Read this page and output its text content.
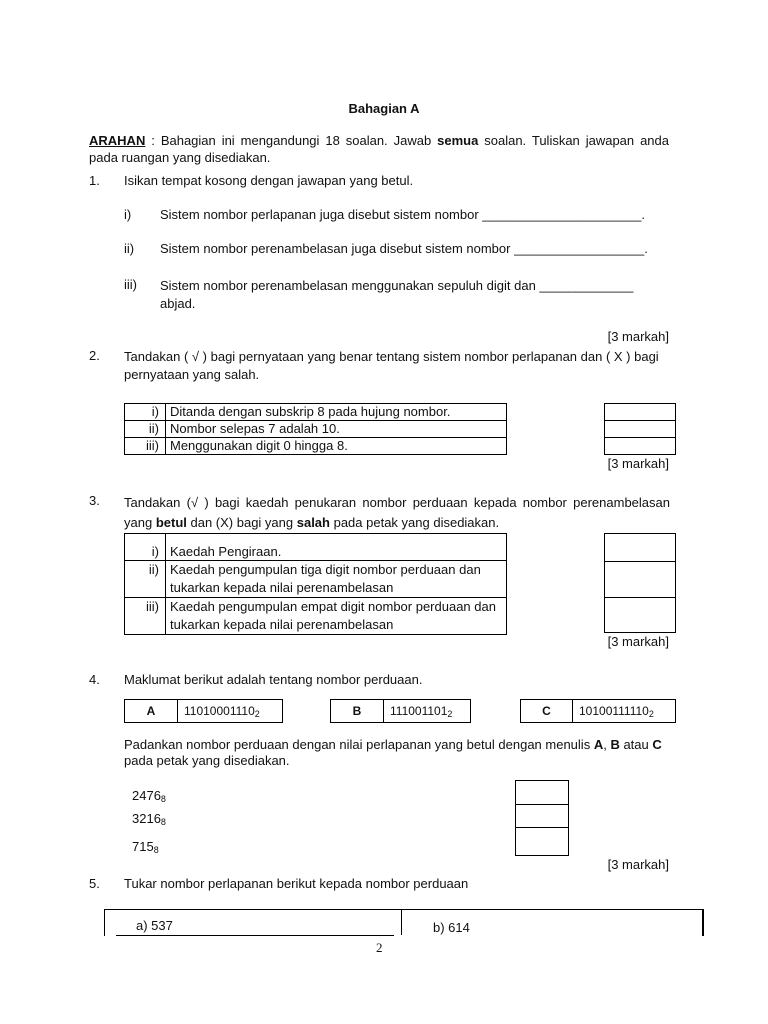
Bahagian A
ARAHAN : Bahagian ini mengandungi 18 soalan. Jawab semua soalan. Tuliskan jawapan anda pada ruangan yang disediakan.
1. Isikan tempat kosong dengan jawapan yang betul.
i) Sistem nombor perlapanan juga disebut sistem nombor ______________________.
ii) Sistem nombor perenambelasan juga disebut sistem nombor __________________.
iii) Sistem nombor perenambelasan menggunakan sepuluh digit dan _____________ abjad.
[3 markah]
2. Tandakan ( √ ) bagi pernyataan yang benar tentang sistem nombor perlapanan dan ( X ) bagi pernyataan yang salah.
i)	Ditanda dengan subskrip 8 pada hujung nombor.
ii)	Nombor selepas 7 adalah 10.
iii)	Menggunakan digit 0 hingga 8.
[3 markah]
3. Tandakan (√ ) bagi kaedah penukaran nombor perduaan kepada nombor perenambelasan yang betul dan (X) bagi yang salah pada petak yang disediakan.
i)	Kaedah Pengiraan.
ii)	Kaedah pengumpulan tiga digit nombor perduaan dan tukarkan kepada nilai perenambelasan
iii)	Kaedah pengumpulan empat digit nombor perduaan dan tukarkan kepada nilai perenambelasan
[3 markah]
4. Maklumat berikut adalah tentang nombor perduaan.
A	$11010001110_2$	B	$111001101_2$	C	$10100111110_2$
Padankan nombor perduaan dengan nilai perlapanan yang betul dengan menulis A, B atau C pada petak yang disediakan.
$2476_8$
$3216_8$
$715_8$
[3 markah]
5. Tukar nombor perlapanan berikut kepada nombor perduaan
a) 537	b) 614
2
